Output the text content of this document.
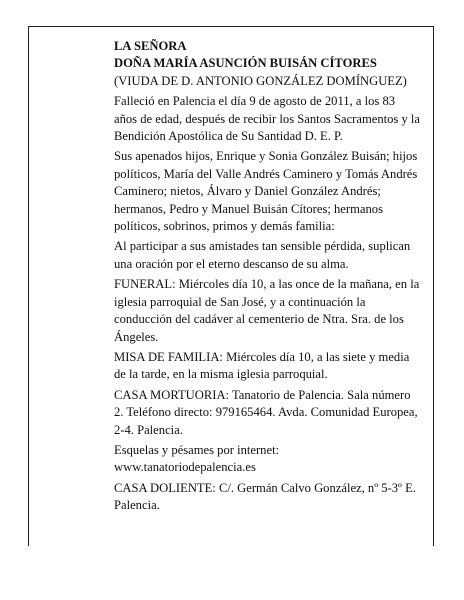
LA SEÑORA

DOÑA MARÍA ASUNCIÓN BUISÁN CÍTORES

(VIUDA DE D. ANTONIO GONZÁLEZ DOMÍNGUEZ)

Falleció en Palencia el día 9 de agosto de 2011, a los 83 años de edad, después de recibir los Santos Sacramentos y la Bendición Apostólica de Su Santidad D. E. P.

Sus apenados hijos, Enrique y Sonia González Buisán; hijos políticos, María del Valle Andrés Caminero y Tomás Andrés Caminero; nietos, Álvaro y Daniel González Andrés; hermanos, Pedro y Manuel Buisán Cítores; hermanos políticos, sobrinos, primos y demás familia:

Al participar a sus amistades tan sensible pérdida, suplican una oración por el eterno descanso de su alma.

FUNERAL: Miércoles día 10, a las once de la mañana, en la iglesia parroquial de San José, y a continuación la conducción del cadáver al cementerio de Ntra. Sra. de los Ángeles.

MISA DE FAMILIA: Miércoles día 10, a las siete y media de la tarde, en la misma iglesia parroquial.

CASA MORTUORIA: Tanatorio de Palencia. Sala número 2. Teléfono directo: 979165464. Avda. Comunidad Europea, 2-4. Palencia.

Esquelas y pésames por internet:

www.tanatoriodepalencia.es

CASA DOLIENTE: C/. Germán Calvo González, nº 5-3º E. Palencia.
